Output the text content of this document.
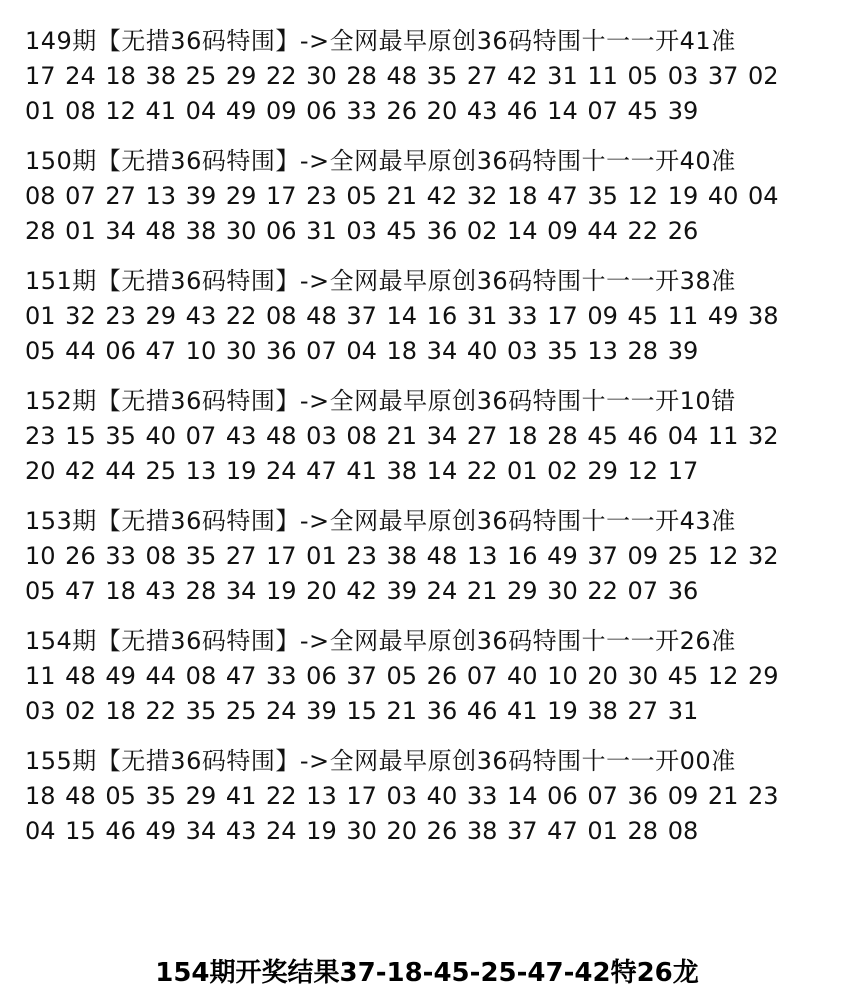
149期【无措36码特围】->全网最早原创36码特围十一一开41准
17 24 18 38 25 29 22 30 28 48 35 27 42 31 11 05 03 37 02
01 08 12 41 04 49 09 06 33 26 20 43 46 14 07 45 39
150期【无措36码特围】->全网最早原创36码特围十一一开40准
08 07 27 13 39 29 17 23 05 21 42 32 18 47 35 12 19 40 04
28 01 34 48 38 30 06 31 03 45 36 02 14 09 44 22 26
151期【无措36码特围】->全网最早原创36码特围十一一开38准
01 32 23 29 43 22 08 48 37 14 16 31 33 17 09 45 11 49 38
05 44 06 47 10 30 36 07 04 18 34 40 03 35 13 28 39
152期【无措36码特围】->全网最早原创36码特围十一一开10错
23 15 35 40 07 43 48 03 08 21 34 27 18 28 45 46 04 11 32
20 42 44 25 13 19 24 47 41 38 14 22 01 02 29 12 17
153期【无措36码特围】->全网最早原创36码特围十一一开43准
10 26 33 08 35 27 17 01 23 38 48 13 16 49 37 09 25 12 32
05 47 18 43 28 34 19 20 42 39 24 21 29 30 22 07 36
154期【无措36码特围】->全网最早原创36码特围十一一开26准
11 48 49 44 08 47 33 06 37 05 26 07 40 10 20 30 45 12 29
03 02 18 22 35 25 24 39 15 21 36 46 41 19 38 27 31
155期【无措36码特围】->全网最早原创36码特围十一一开00准
18 48 05 35 29 41 22 13 17 03 40 33 14 06 07 36 09 21 23
04 15 46 49 34 43 24 19 30 20 26 38 37 47 01 28 08
154期开奖结果37-18-45-25-47-42特26龙
